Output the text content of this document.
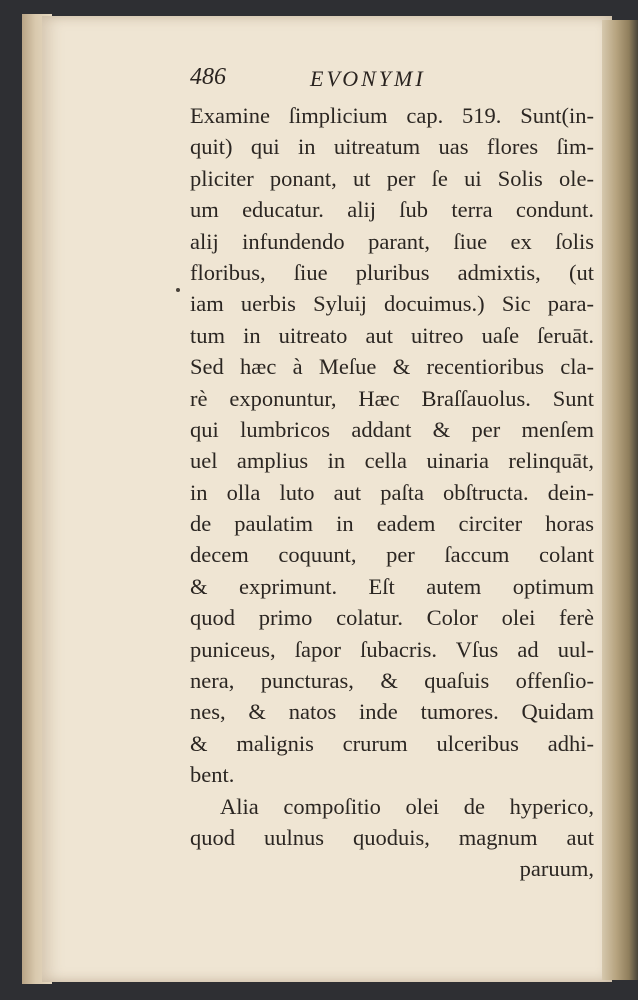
486	EVONYMI
Examine ſimplicium cap. 519. Sunt(in-
quit) qui in uitreatum uas flores ſim-
pliciter ponant, ut per ſe ui Solis ole-
um educatur. alij ſub terra condunt.
alij infundendo parant, ſiue ex ſolis
floribus, ſiue pluribus admixtis, (ut
iam uerbis Syluij docuimus.) Sic para-
tum in uitreato aut uitreo uaſe ſeruāt.
Sed hæc à Meſue & recentioribus cla-
rè exponuntur, Hæc Braſſauolus. Sunt
qui lumbricos addant & per menſem
uel amplius in cella uinaria relinquāt,
in olla luto aut paſta obſtructa. dein-
de paulatim in eadem circiter horas
decem coquunt, per ſaccum colant
& exprimunt. Eſt autem optimum
quod primo colatur. Color olei ferè
puniceus, ſapor ſubacris. Vſus ad uul-
nera, puncturas, & quaſuis offenſio-
nes, & natos inde tumores. Quidam
& malignis crurum ulceribus adhi-
bent.
Alia compoſitio olei de hyperico,
quod uulnus quoduis, magnum aut
paruum,
